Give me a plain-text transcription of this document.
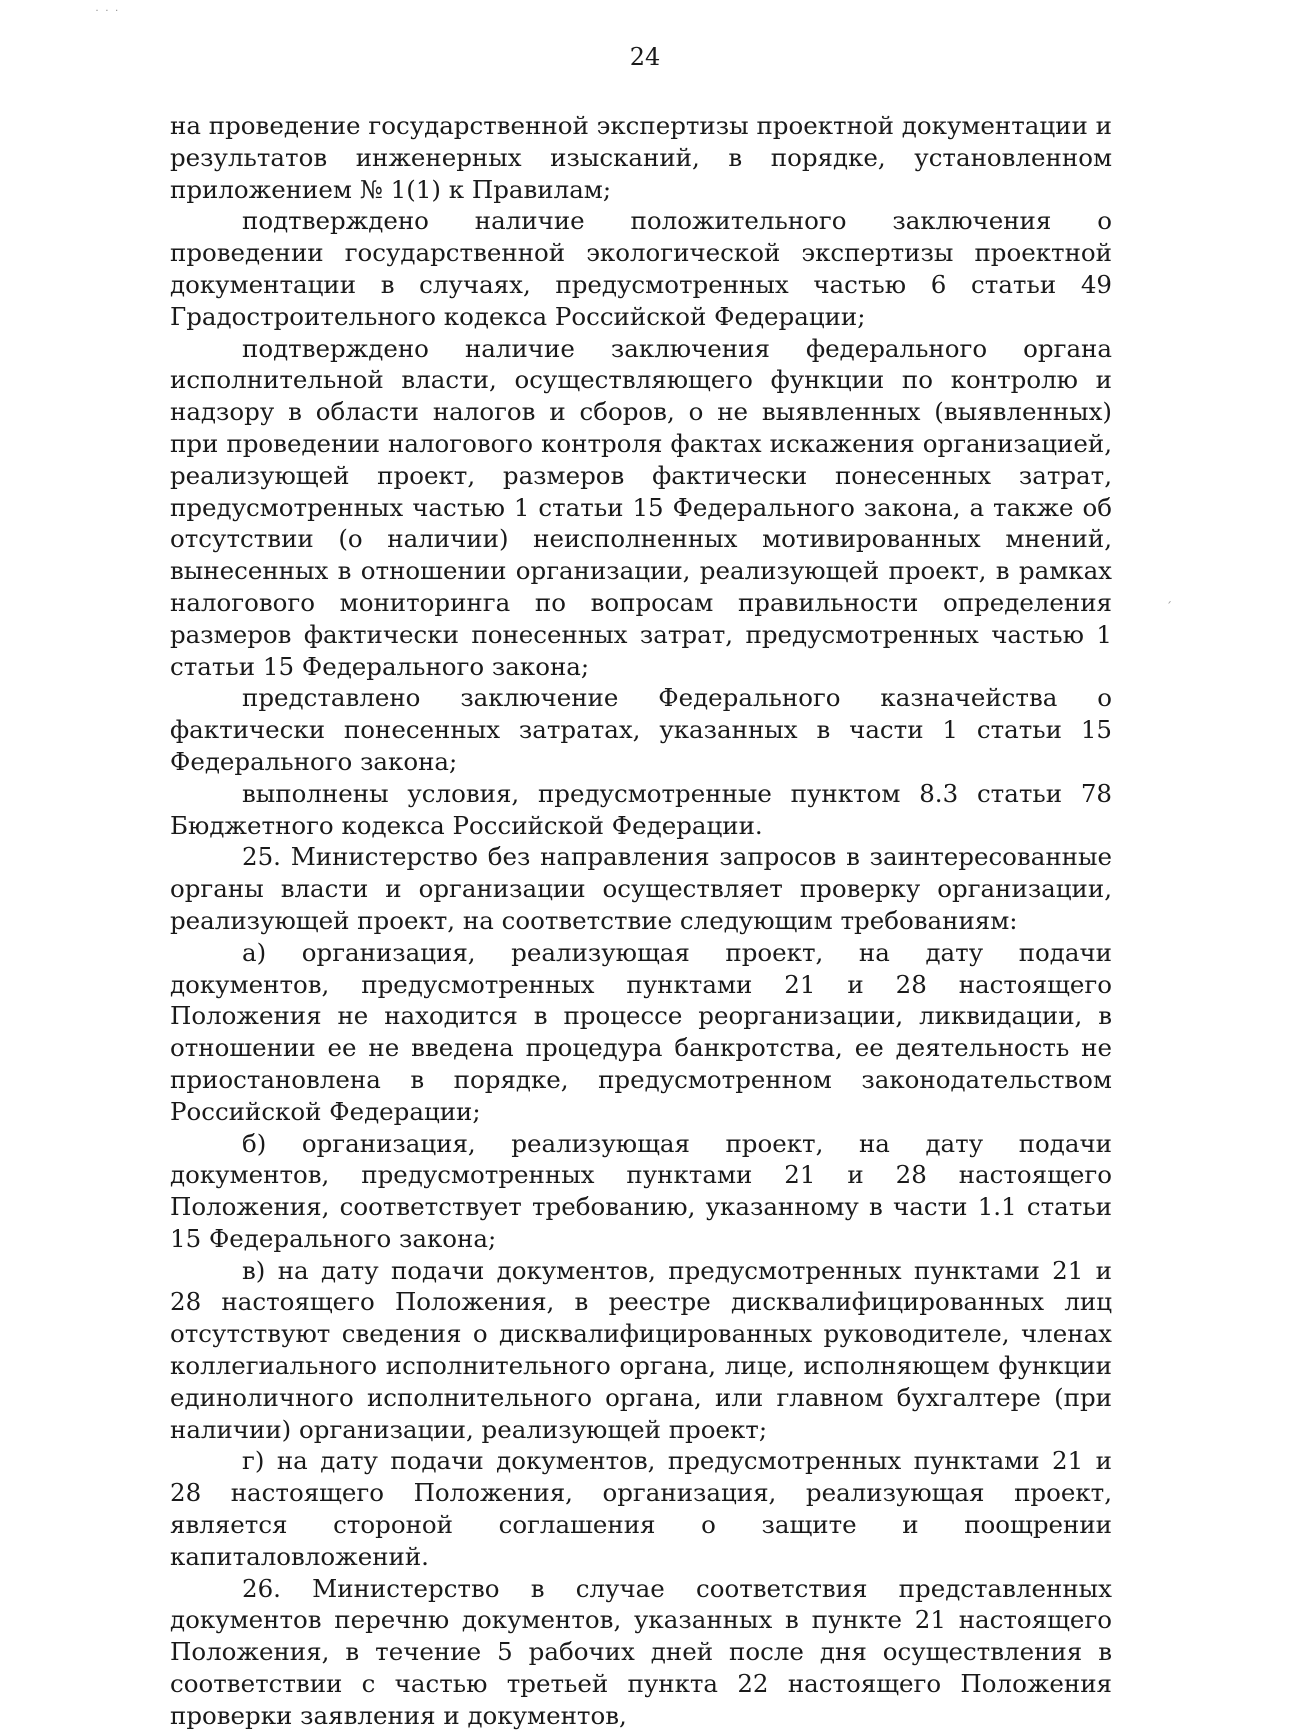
˙ ˙ ˙
ˊ
24

на проведение государственной экспертизы проектной документации и результатов инженерных изысканий, в порядке, установленном приложением № 1(1) к Правилам;

подтверждено наличие положительного заключения о проведении государственной экологической экспертизы проектной документации в случаях, предусмотренных частью 6 статьи 49 Градостроительного кодекса Российской Федерации;

подтверждено наличие заключения федерального органа исполнительной власти, осуществляющего функции по контролю и надзору в области налогов и сборов, о не выявленных (выявленных) при проведении налогового контроля фактах искажения организацией, реализующей проект, размеров фактически понесенных затрат, предусмотренных частью 1 статьи 15 Федерального закона, а также об отсутствии (о наличии) неисполненных мотивированных мнений, вынесенных в отношении организации, реализующей проект, в рамках налогового мониторинга по вопросам правильности определения размеров фактически понесенных затрат, предусмотренных частью 1 статьи 15 Федерального закона;

представлено заключение Федерального казначейства о фактически понесенных затратах, указанных в части 1 статьи 15 Федерального закона;

выполнены условия, предусмотренные пунктом 8.3 статьи 78 Бюджетного кодекса Российской Федерации.

25. Министерство без направления запросов в заинтересованные органы власти и организации осуществляет проверку организации, реализующей проект, на соответствие следующим требованиям:

а) организация, реализующая проект, на дату подачи документов, предусмотренных пунктами 21 и 28 настоящего Положения не находится в процессе реорганизации, ликвидации, в отношении ее не введена процедура банкротства, ее деятельность не приостановлена в порядке, предусмотренном законодательством Российской Федерации;

б) организация, реализующая проект, на дату подачи документов, предусмотренных пунктами 21 и 28 настоящего Положения, соответствует требованию, указанному в части 1.1 статьи 15 Федерального закона;

в) на дату подачи документов, предусмотренных пунктами 21 и 28 настоящего Положения, в реестре дисквалифицированных лиц отсутствуют сведения о дисквалифицированных руководителе, членах коллегиального исполнительного органа, лице, исполняющем функции единоличного исполнительного органа, или главном бухгалтере (при наличии) организации, реализующей проект;

г) на дату подачи документов, предусмотренных пунктами 21 и 28 настоящего Положения, организация, реализующая проект, является стороной соглашения о защите и поощрении капиталовложений.

26. Министерство в случае соответствия представленных документов перечню документов, указанных в пункте 21 настоящего Положения, в течение 5 рабочих дней после дня осуществления в соответствии с частью третьей пункта 22 настоящего Положения проверки заявления и документов,
